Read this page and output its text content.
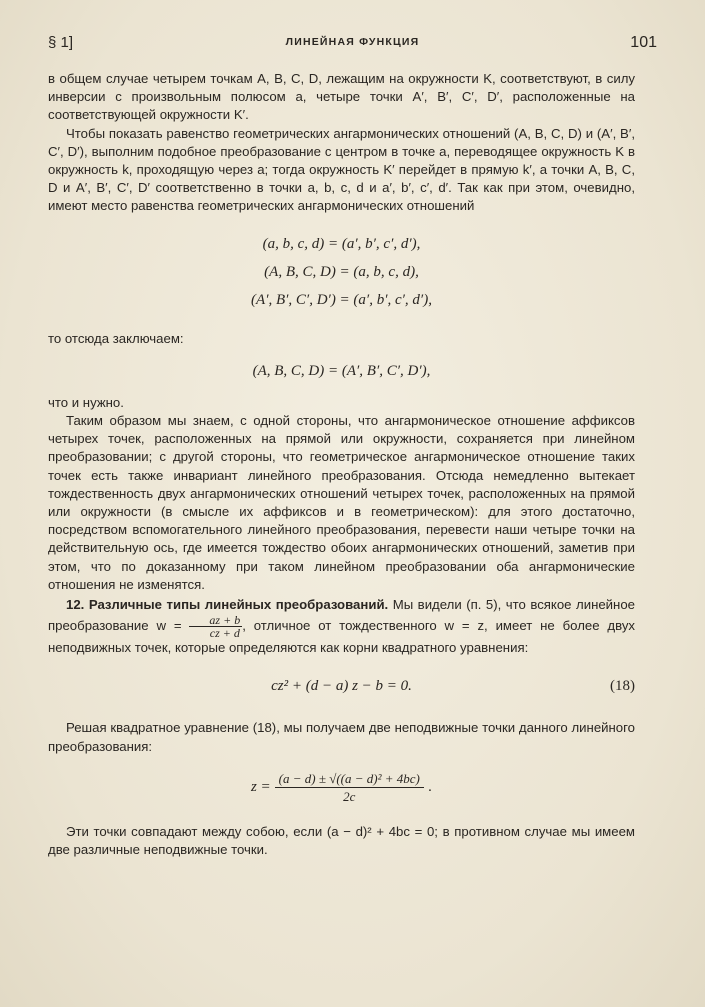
§ 1]	ЛИНЕЙНАЯ ФУНКЦИЯ	101

в общем случае четырем точкам A, B, C, D, лежащим на окружности K, соответствуют, в силу инверсии с произвольным полюсом a, четыре точки A′, B′, C′, D′, расположенные на соответствующей окружности K′.

Чтобы показать равенство геометрических ангармонических отношений (A, B, C, D) и (A′, B′, C′, D′), выполним подобное преобразование с центром в точке a, переводящее окружность K в окружность k, проходящую через a; тогда окружность K′ перейдет в прямую k′, а точки A, B, C, D и A′, B′, C′, D′ соответственно в точки a, b, c, d и a′, b′, c′, d′. Так как при этом, очевидно, имеют место равенства геометрических ангармонических отношений

(a, b, c, d) = (a′, b′, c′, d′),

(A, B, C, D) = (a, b, c, d),

(A′, B′, C′, D′) = (a′, b′, c′, d′),

то отсюда заключаем:

(A, B, C, D) = (A′, B′, C′, D′),

что и нужно.

Таким образом мы знаем, с одной стороны, что ангармоническое отношение аффиксов четырех точек, расположенных на прямой или окружности, сохраняется при линейном преобразовании; с другой стороны, что геометрическое ангармоническое отношение таких точек есть также инвариант линейного преобразования. Отсюда немедленно вытекает тождественность двух ангармонических отношений четырех точек, расположенных на прямой или окружности (в смысле их аффиксов и в геометрическом): для этого достаточно, посредством вспомогательного линейного преобразования, перевести наши четыре точки на действительную ось, где имеется тождество обоих ангармонических отношений, заметив при этом, что по доказанному при таком линейном преобразовании оба ангармонические отношения не изменятся.

12. Различные типы линейных преобразований. Мы видели (п. 5), что всякое линейное преобразование $w = \frac{az + b}{cz + d}$ , отличное от тождественного w = z, имеет не более двух неподвижных точек, которые определяются как корни квадратного уравнения:

cz² + (d − a) z − b = 0.	(18)

Решая квадратное уравнение (18), мы получаем две неподвижные точки данного линейного преобразования:

$z = \frac{\text{(a − d) ± √((a − d)² + 4bc)}}{2c}$ .

Эти точки совпадают между собою, если (a − d)² + 4bc = 0; в противном случае мы имеем две различные неподвижные точки.
